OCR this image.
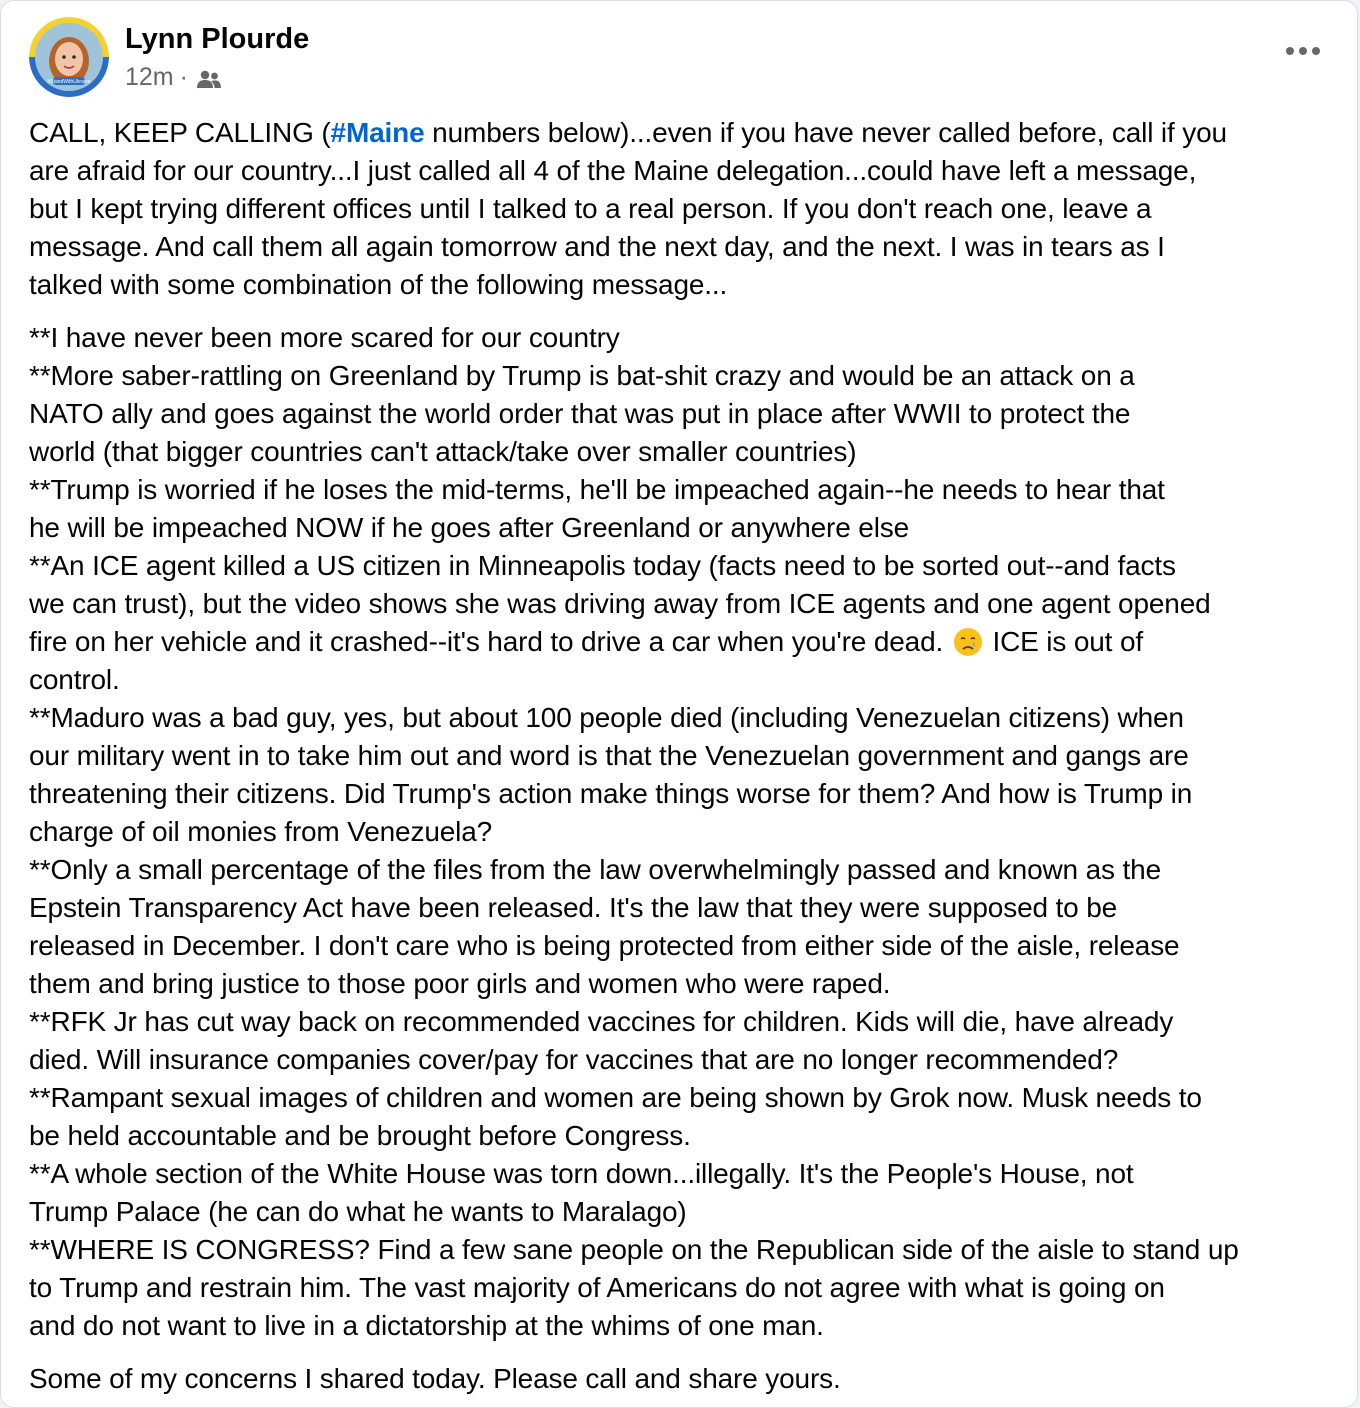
#StandWithUkraine
Lynn Plourde
12m ·
CALL, KEEP CALLING (#Maine numbers below)...even if you have never called before, call if you
are afraid for our country...I just called all 4 of the Maine delegation...could have left a message,
but I kept trying different offices until I talked to a real person. If you don't reach one, leave a
message. And call them all again tomorrow and the next day, and the next. I was in tears as I
talked with some combination of the following message...
**I have never been more scared for our country
**More saber-rattling on Greenland by Trump is bat-shit crazy and would be an attack on a
NATO ally and goes against the world order that was put in place after WWII to protect the
world (that bigger countries can't attack/take over smaller countries)
**Trump is worried if he loses the mid-terms, he'll be impeached again--he needs to hear that
he will be impeached NOW if he goes after Greenland or anywhere else
**An ICE agent killed a US citizen in Minneapolis today (facts need to be sorted out--and facts
we can trust), but the video shows she was driving away from ICE agents and one agent opened
fire on her vehicle and it crashed--it's hard to drive a car when you're dead. ICE is out of
control.
**Maduro was a bad guy, yes, but about 100 people died (including Venezuelan citizens) when
our military went in to take him out and word is that the Venezuelan government and gangs are
threatening their citizens. Did Trump's action make things worse for them? And how is Trump in
charge of oil monies from Venezuela?
**Only a small percentage of the files from the law overwhelmingly passed and known as the
Epstein Transparency Act have been released. It's the law that they were supposed to be
released in December. I don't care who is being protected from either side of the aisle, release
them and bring justice to those poor girls and women who were raped.
**RFK Jr has cut way back on recommended vaccines for children. Kids will die, have already
died. Will insurance companies cover/pay for vaccines that are no longer recommended?
**Rampant sexual images of children and women are being shown by Grok now. Musk needs to
be held accountable and be brought before Congress.
**A whole section of the White House was torn down...illegally. It's the People's House, not
Trump Palace (he can do what he wants to Maralago)
**WHERE IS CONGRESS? Find a few sane people on the Republican side of the aisle to stand up
to Trump and restrain him. The vast majority of Americans do not agree with what is going on
and do not want to live in a dictatorship at the whims of one man.
Some of my concerns I shared today. Please call and share yours.
